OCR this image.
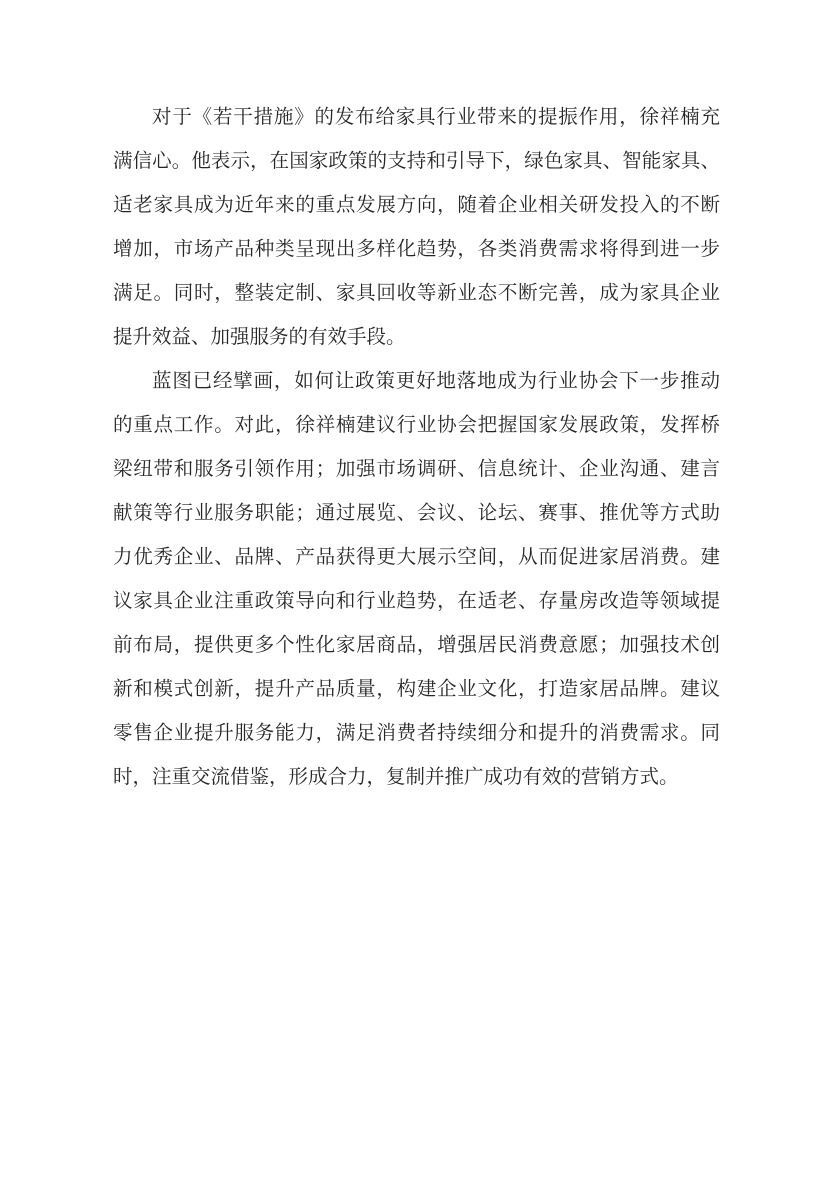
对于《若干措施》的发布给家具行业带来的提振作用，徐祥楠充
满信心。他表示，在国家政策的支持和引导下，绿色家具、智能家具、
适老家具成为近年来的重点发展方向，随着企业相关研发投入的不断
增加，市场产品种类呈现出多样化趋势，各类消费需求将得到进一步
满足。同时，整装定制、家具回收等新业态不断完善，成为家具企业
提升效益、加强服务的有效手段。
蓝图已经擘画，如何让政策更好地落地成为行业协会下一步推动
的重点工作。对此，徐祥楠建议行业协会把握国家发展政策，发挥桥
梁纽带和服务引领作用；加强市场调研、信息统计、企业沟通、建言
献策等行业服务职能；通过展览、会议、论坛、赛事、推优等方式助
力优秀企业、品牌、产品获得更大展示空间，从而促进家居消费。建
议家具企业注重政策导向和行业趋势，在适老、存量房改造等领域提
前布局，提供更多个性化家居商品，增强居民消费意愿；加强技术创
新和模式创新，提升产品质量，构建企业文化，打造家居品牌。建议
零售企业提升服务能力，满足消费者持续细分和提升的消费需求。同
时，注重交流借鉴，形成合力，复制并推广成功有效的营销方式。
